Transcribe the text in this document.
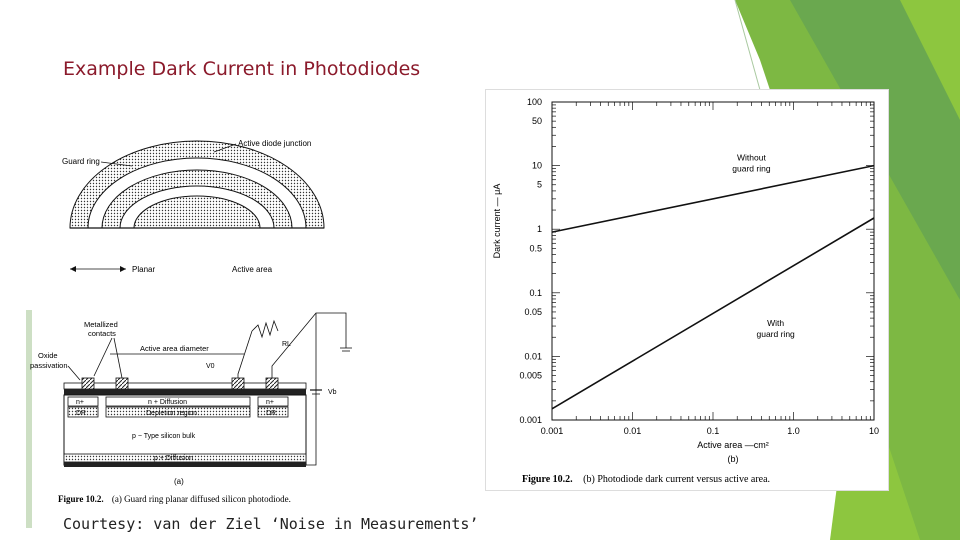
Example Dark Current in Photodiodes
Guard ring
Active diode junction
Planar	Active area
Metallized
contacts
Oxide
passivation
Active area diameter
n+
DR
n+
DR
n + Diffusion
Depletion region
p − Type silicon bulk
p + Diffusion
RL
V0
Vb
(a)
Figure 10.2. (a) Guard ring planar diffused silicon photodiode.
100
50
10
5
1
0.5
0.1
0.05
0.01
0.005
0.001
0.001	0.01	0.1	1.0	10
Without
guard ring
With
guard ring
Dark current — μA
Active area —cm²
(b)
Figure 10.2. (b) Photodiode dark current versus active area.
Courtesy: van der Ziel ‘Noise in Measurements’
